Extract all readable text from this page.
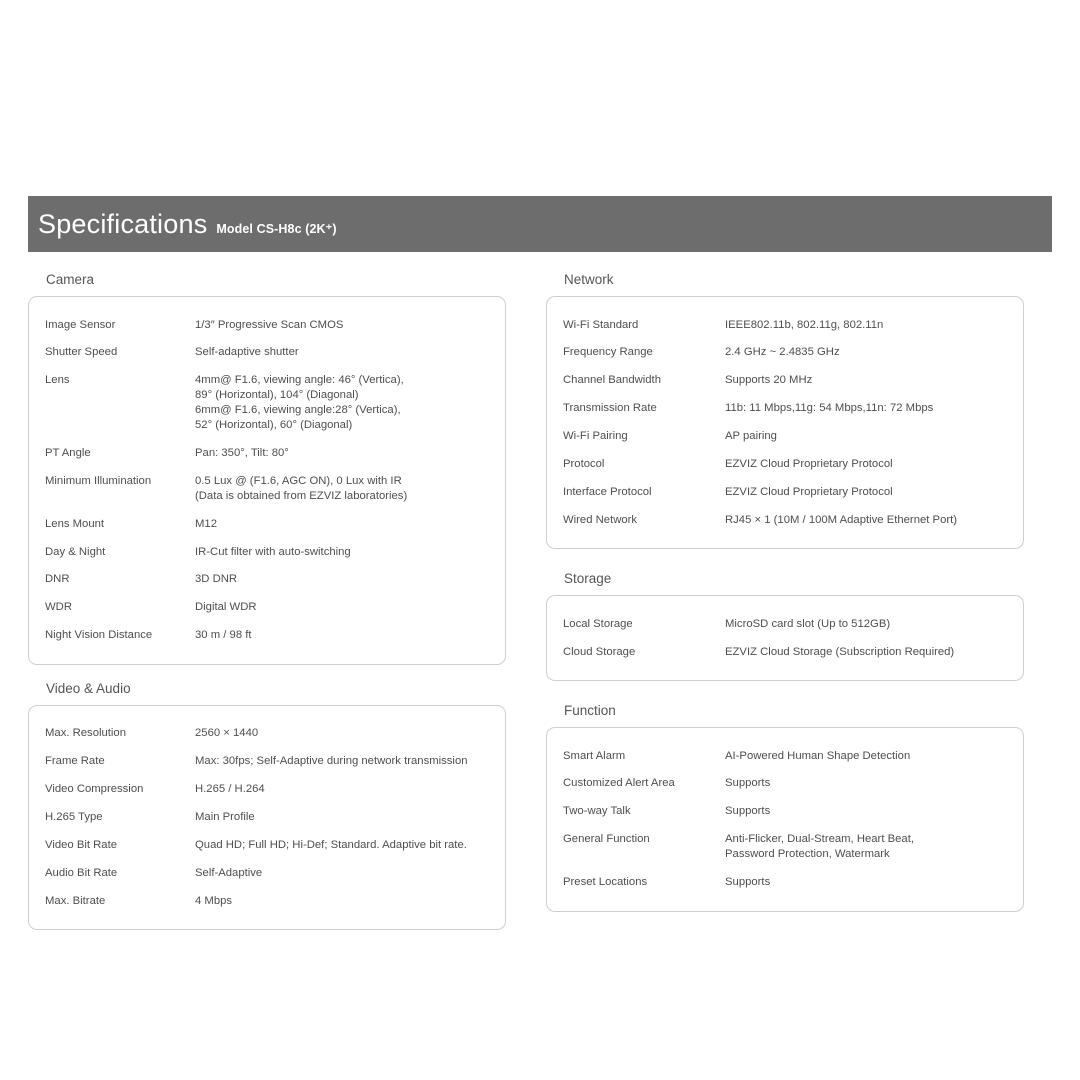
Specifications Model CS-H8c (2K⁺)
Camera
Image Sensor	1/3″ Progressive Scan CMOS

Shutter Speed	Self-adaptive shutter

Lens	4mm@ F1.6, viewing angle: 46° (Vertica),
89° (Horizontal), 104° (Diagonal)
6mm@ F1.6, viewing angle:28° (Vertica),
52° (Horizontal), 60° (Diagonal)

PT Angle	Pan: 350°, Tilt: 80°

Minimum Illumination	0.5 Lux @ (F1.6, AGC ON), 0 Lux with IR
(Data is obtained from EZVIZ laboratories)

Lens Mount	M12

Day & Night	IR-Cut filter with auto-switching

DNR	3D DNR

WDR	Digital WDR

Night Vision Distance	30 m / 98 ft
Video & Audio
Max. Resolution	2560 × 1440

Frame Rate	Max: 30fps; Self-Adaptive during network transmission

Video Compression	H.265 / H.264

H.265 Type	Main Profile

Video Bit Rate	Quad HD; Full HD; Hi-Def; Standard. Adaptive bit rate.

Audio Bit Rate	Self-Adaptive

Max. Bitrate	4 Mbps
Network
Wi-Fi Standard	IEEE802.11b, 802.11g, 802.11n

Frequency Range	2.4 GHz ~ 2.4835 GHz

Channel Bandwidth	Supports 20 MHz

Transmission Rate	11b: 11 Mbps,11g: 54 Mbps,11n: 72 Mbps

Wi-Fi Pairing	AP pairing

Protocol	EZVIZ Cloud Proprietary Protocol

Interface Protocol	EZVIZ Cloud Proprietary Protocol

Wired Network	RJ45 × 1 (10M / 100M Adaptive Ethernet Port)
Storage
Local Storage	MicroSD card slot (Up to 512GB)

Cloud Storage	EZVIZ Cloud Storage (Subscription Required)
Function
Smart Alarm	AI-Powered Human Shape Detection

Customized Alert Area	Supports

Two-way Talk	Supports

General Function	Anti-Flicker, Dual-Stream, Heart Beat,
Password Protection, Watermark

Preset Locations	Supports
